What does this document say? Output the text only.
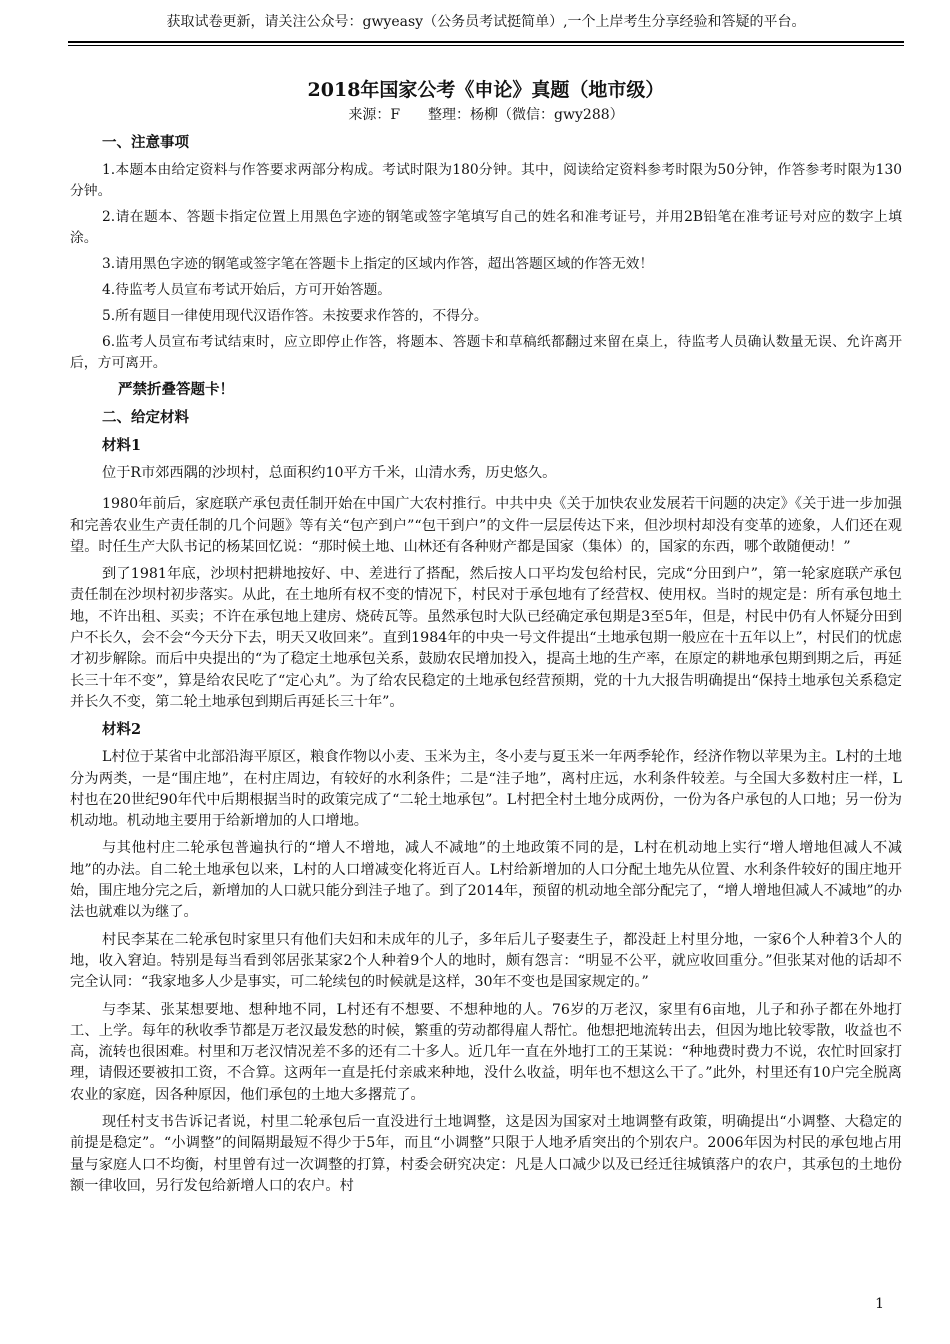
获取试卷更新，请关注公众号：gwyeasy（公务员考试挺简单）,一个上岸考生分享经验和答疑的平台。

2018年国家公考《申论》真题（地市级）

来源：F　　整理：杨柳（微信：gwy288）

一、注意事项

1.本题本由给定资料与作答要求两部分构成。考试时限为180分钟。其中，阅读给定资料参考时限为50分钟，作答参考时限为130分钟。

2.请在题本、答题卡指定位置上用黑色字迹的钢笔或签字笔填写自己的姓名和准考证号，并用2B铅笔在准考证号对应的数字上填涂。

3.请用黑色字迹的钢笔或签字笔在答题卡上指定的区域内作答，超出答题区域的作答无效！

4.待监考人员宣布考试开始后，方可开始答题。

5.所有题目一律使用现代汉语作答。未按要求作答的，不得分。

6.监考人员宣布考试结束时，应立即停止作答，将题本、答题卡和草稿纸都翻过来留在桌上，待监考人员确认数量无误、允许离开后，方可离开。

严禁折叠答题卡！

二、给定材料

材料1

位于R市郊西隅的沙坝村，总面积约10平方千米，山清水秀，历史悠久。

1980年前后，家庭联产承包责任制开始在中国广大农村推行。中共中央《关于加快农业发展若干问题的决定》《关于进一步加强和完善农业生产责任制的几个问题》等有关“包产到户”“包干到户”的文件一层层传达下来，但沙坝村却没有变革的迹象，人们还在观望。时任生产大队书记的杨某回忆说：“那时候土地、山林还有各种财产都是国家（集体）的，国家的东西，哪个敢随便动！”

到了1981年底，沙坝村把耕地按好、中、差进行了搭配，然后按人口平均发包给村民，完成“分田到户”，第一轮家庭联产承包责任制在沙坝村初步落实。从此，在土地所有权不变的情况下，村民对于承包地有了经营权、使用权。当时的规定是：所有承包地土地，不许出租、买卖；不许在承包地上建房、烧砖瓦等。虽然承包时大队已经确定承包期是3至5年，但是，村民中仍有人怀疑分田到户不长久，会不会“今天分下去，明天又收回来”。直到1984年的中央一号文件提出“土地承包期一般应在十五年以上”，村民们的忧虑才初步解除。而后中央提出的“为了稳定土地承包关系，鼓励农民增加投入，提高土地的生产率，在原定的耕地承包期到期之后，再延长三十年不变”，算是给农民吃了“定心丸”。为了给农民稳定的土地承包经营预期，党的十九大报告明确提出“保持土地承包关系稳定并长久不变，第二轮土地承包到期后再延长三十年”。

材料2

L村位于某省中北部沿海平原区，粮食作物以小麦、玉米为主，冬小麦与夏玉米一年两季轮作，经济作物以苹果为主。L村的土地分为两类，一是“围庄地”，在村庄周边，有较好的水利条件；二是“洼子地”，离村庄远，水利条件较差。与全国大多数村庄一样，L村也在20世纪90年代中后期根据当时的政策完成了“二轮土地承包”。L村把全村土地分成两份，一份为各户承包的人口地；另一份为机动地。机动地主要用于给新增加的人口增地。

与其他村庄二轮承包普遍执行的“增人不增地，减人不减地”的土地政策不同的是，L村在机动地上实行“增人增地但减人不减地”的办法。自二轮土地承包以来，L村的人口增减变化将近百人。L村给新增加的人口分配土地先从位置、水利条件较好的围庄地开始，围庄地分完之后，新增加的人口就只能分到洼子地了。到了2014年，预留的机动地全部分配完了，“增人增地但减人不减地”的办法也就难以为继了。

村民李某在二轮承包时家里只有他们夫妇和未成年的儿子，多年后儿子娶妻生子，都没赶上村里分地，一家6个人种着3个人的地，收入窘迫。特别是每当看到邻居张某家2个人种着9个人的地时，颇有怨言：“明显不公平，就应收回重分。”但张某对他的话却不完全认同：“我家地多人少是事实，可二轮续包的时候就是这样，30年不变也是国家规定的。”

与李某、张某想要地、想种地不同，L村还有不想要、不想种地的人。76岁的万老汉，家里有6亩地，儿子和孙子都在外地打工、上学。每年的秋收季节都是万老汉最发愁的时候，繁重的劳动都得雇人帮忙。他想把地流转出去，但因为地比较零散，收益也不高，流转也很困难。村里和万老汉情况差不多的还有二十多人。近几年一直在外地打工的王某说：“种地费时费力不说，农忙时回家打理，请假还要被扣工资，不合算。这两年一直是托付亲戚来种地，没什么收益，明年也不想这么干了。”此外，村里还有10户完全脱离农业的家庭，因各种原因，他们承包的土地大多撂荒了。

现任村支书告诉记者说，村里二轮承包后一直没进行土地调整，这是因为国家对土地调整有政策，明确提出“小调整、大稳定的前提是稳定”。“小调整”的间隔期最短不得少于5年，而且“小调整”只限于人地矛盾突出的个别农户。2006年因为村民的承包地占用量与家庭人口不均衡，村里曾有过一次调整的打算，村委会研究决定：凡是人口减少以及已经迁往城镇落户的农户，其承包的土地份额一律收回，另行发包给新增人口的农户。村

1
